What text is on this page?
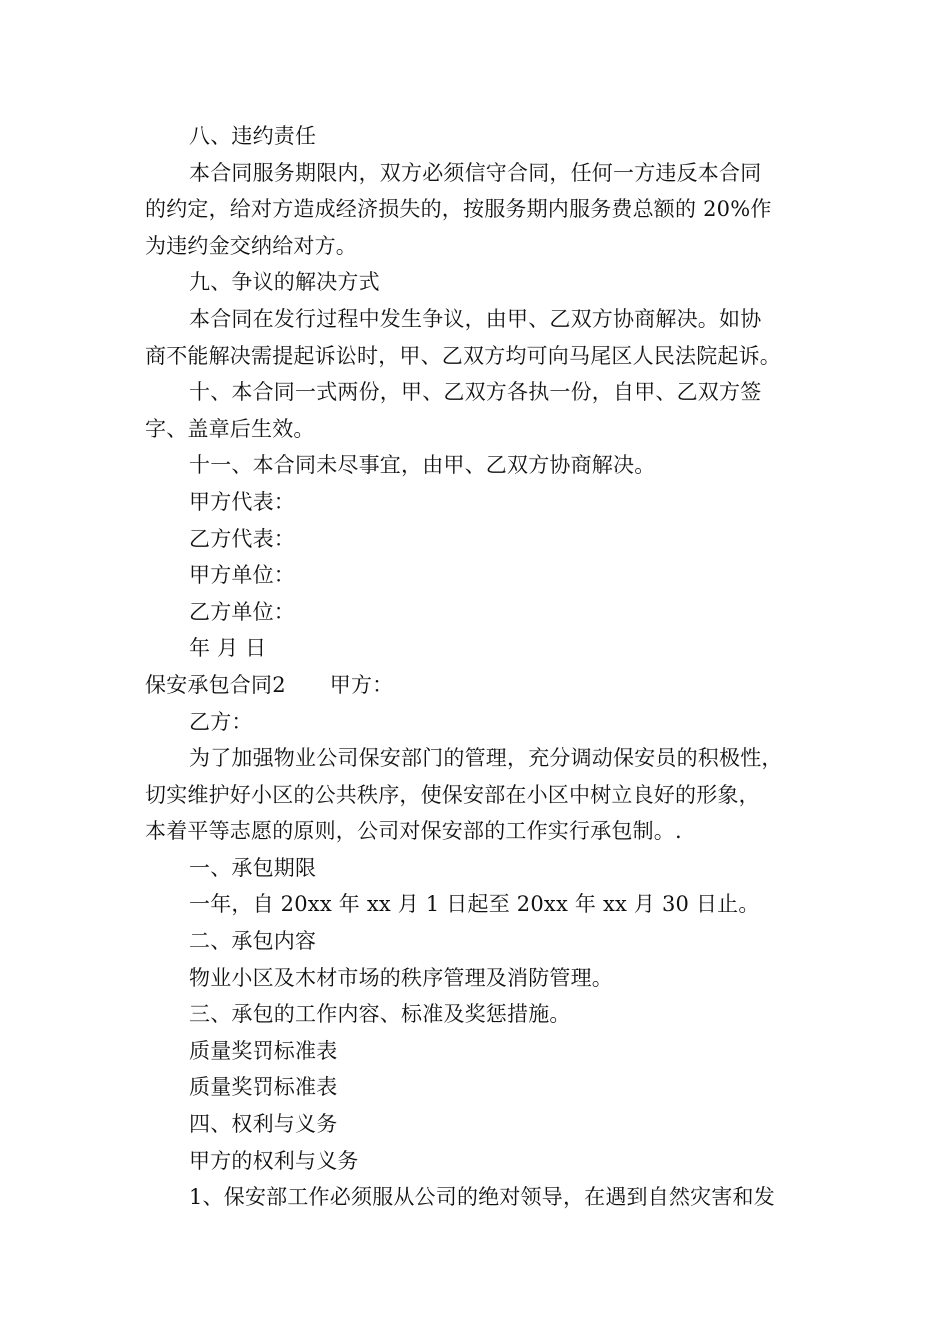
八、违约责任
本合同服务期限内，双方必须信守合同，任何一方违反本合同
的约定，给对方造成经济损失的，按服务期内服务费总额的 20%作
为违约金交纳给对方。
九、争议的解决方式
本合同在发行过程中发生争议，由甲、乙双方协商解决。如协
商不能解决需提起诉讼时，甲、乙双方均可向马尾区人民法院起诉。
十、本合同一式两份，甲、乙双方各执一份，自甲、乙双方签
字、盖章后生效。
十一、本合同未尽事宜，由甲、乙双方协商解决。
甲方代表：
乙方代表：
甲方单位：
乙方单位：
年 月 日
保安承包合同2 甲方：
乙方：
为了加强物业公司保安部门的管理，充分调动保安员的积极性，
切实维护好小区的公共秩序，使保安部在小区中树立良好的形象，
本着平等志愿的原则，公司对保安部的工作实行承包制。.
一、承包期限
一年，自 20xx 年 xx 月 1 日起至 20xx 年 xx 月 30 日止。
二、承包内容
物业小区及木材市场的秩序管理及消防管理。
三、承包的工作内容、标准及奖惩措施。
质量奖罚标准表
质量奖罚标准表
四、权利与义务
甲方的权利与义务
1、保安部工作必须服从公司的绝对领导，在遇到自然灾害和发
